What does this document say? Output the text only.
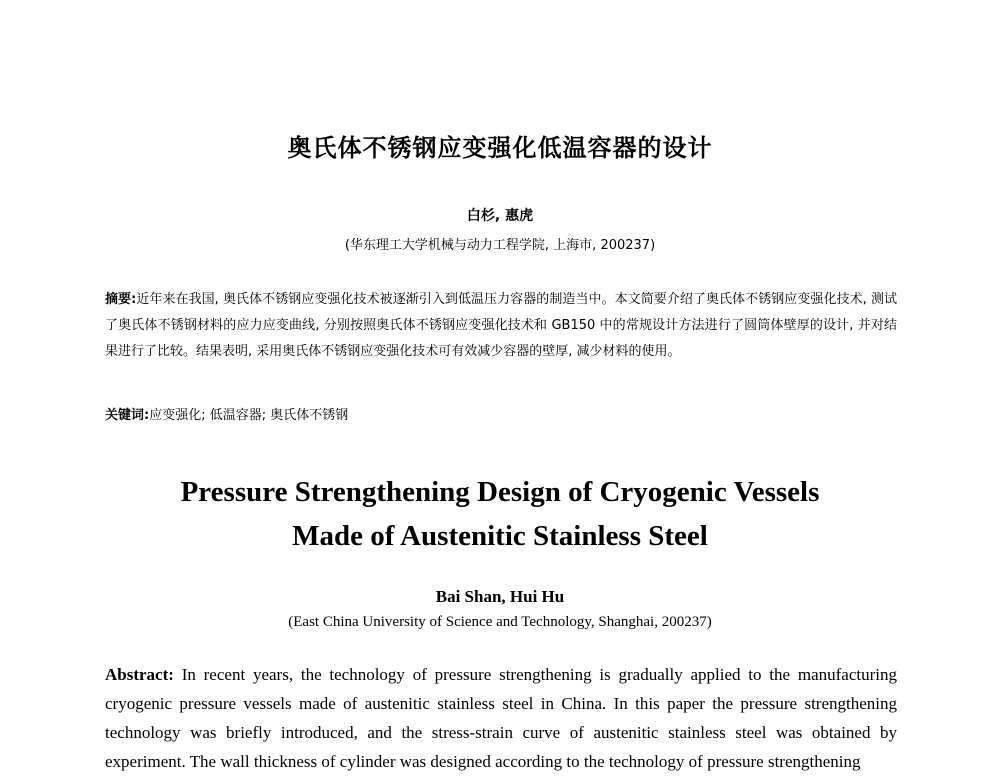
奥氏体不锈钢应变强化低温容器的设计
白杉, 惠虎
(华东理工大学机械与动力工程学院, 上海市, 200237)
摘要:近年来在我国, 奥氏体不锈钢应变强化技术被逐渐引入到低温压力容器的制造当中。本文简要介绍了奥氏体不锈钢应变强化技术, 测试了奥氏体不锈钢材料的应力应变曲线, 分别按照奥氏体不锈钢应变强化技术和 GB150 中的常规设计方法进行了圆筒体壁厚的设计, 并对结果进行了比较。结果表明, 采用奥氏体不锈钢应变强化技术可有效减少容器的壁厚, 减少材料的使用。
关键词:应变强化; 低温容器; 奥氏体不锈钢
Pressure Strengthening Design of Cryogenic Vessels
Made of Austenitic Stainless Steel
Bai Shan, Hui Hu
(East China University of Science and Technology, Shanghai, 200237)
Abstract: In recent years, the technology of pressure strengthening is gradually applied to the manufacturing cryogenic pressure vessels made of austenitic stainless steel in China. In this paper the pressure strengthening technology was briefly introduced, and the stress-strain curve of austenitic stainless steel was obtained by experiment. The wall thickness of cylinder was designed according to the technology of pressure strengthening
